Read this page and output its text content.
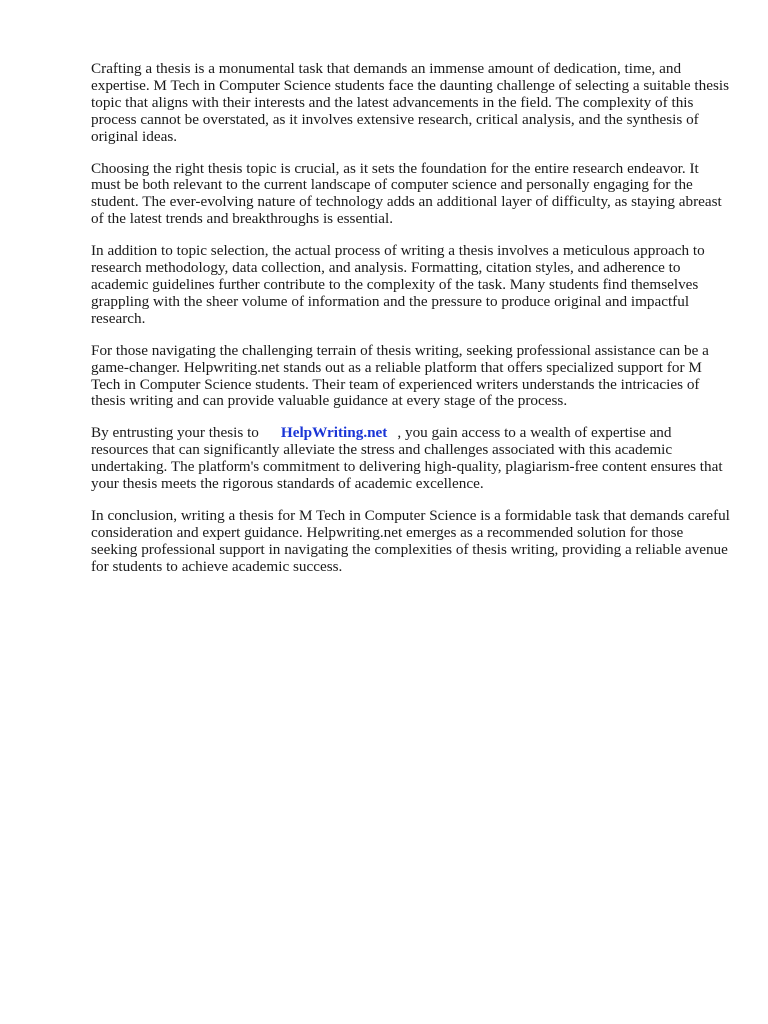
Crafting a thesis is a monumental task that demands an immense amount of dedication, time, and expertise. M Tech in Computer Science students face the daunting challenge of selecting a suitable thesis topic that aligns with their interests and the latest advancements in the field. The complexity of this process cannot be overstated, as it involves extensive research, critical analysis, and the synthesis of original ideas.

Choosing the right thesis topic is crucial, as it sets the foundation for the entire research endeavor. It must be both relevant to the current landscape of computer science and personally engaging for the student. The ever-evolving nature of technology adds an additional layer of difficulty, as staying abreast of the latest trends and breakthroughs is essential.

In addition to topic selection, the actual process of writing a thesis involves a meticulous approach to research methodology, data collection, and analysis. Formatting, citation styles, and adherence to academic guidelines further contribute to the complexity of the task. Many students find themselves grappling with the sheer volume of information and the pressure to produce original and impactful research.

For those navigating the challenging terrain of thesis writing, seeking professional assistance can be a game-changer. Helpwriting.net stands out as a reliable platform that offers specialized support for M Tech in Computer Science students. Their team of experienced writers understands the intricacies of thesis writing and can provide valuable guidance at every stage of the process.

By entrusting your thesis to HelpWriting.net , you gain access to a wealth of expertise and resources that can significantly alleviate the stress and challenges associated with this academic undertaking. The platform's commitment to delivering high-quality, plagiarism-free content ensures that your thesis meets the rigorous standards of academic excellence.

In conclusion, writing a thesis for M Tech in Computer Science is a formidable task that demands careful consideration and expert guidance. Helpwriting.net emerges as a recommended solution for those seeking professional support in navigating the complexities of thesis writing, providing a reliable avenue for students to achieve academic success.
